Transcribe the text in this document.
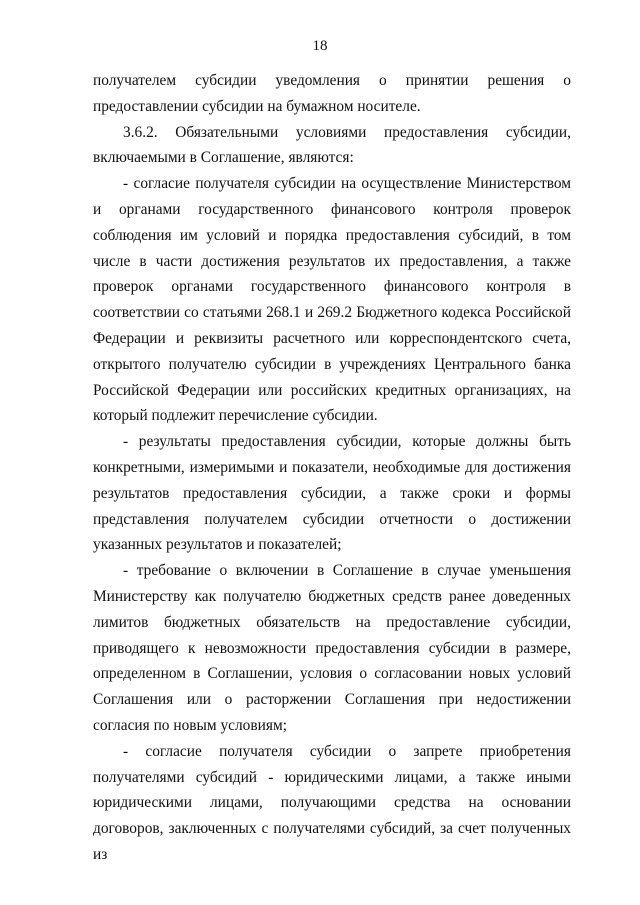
18

получателем субсидии уведомления о принятии решения о предоставлении субсидии на бумажном носителе.

3.6.2. Обязательными условиями предоставления субсидии, включаемыми в Соглашение, являются:

- согласие получателя субсидии на осуществление Министерством и органами государственного финансового контроля проверок соблюдения им условий и порядка предоставления субсидий, в том числе в части достижения результатов их предоставления, а также проверок органами государственного финансового контроля в соответствии со статьями 268.1 и 269.2 Бюджетного кодекса Российской Федерации и реквизиты расчетного или корреспондентского счета, открытого получателю субсидии в учреждениях Центрального банка Российской Федерации или российских кредитных организациях, на который подлежит перечисление субсидии.

- результаты предоставления субсидии, которые должны быть конкретными, измеримыми и показатели, необходимые для достижения результатов предоставления субсидии, а также сроки и формы представления получателем субсидии отчетности о достижении указанных результатов и показателей;

- требование о включении в Соглашение в случае уменьшения Министерству как получателю бюджетных средств ранее доведенных лимитов бюджетных обязательств на предоставление субсидии, приводящего к невозможности предоставления субсидии в размере, определенном в Соглашении, условия о согласовании новых условий Соглашения или о расторжении Соглашения при недостижении согласия по новым условиям;

- согласие получателя субсидии о запрете приобретения получателями субсидий - юридическими лицами, а также иными юридическими лицами, получающими средства на основании договоров, заключенных с получателями субсидий, за счет полученных из
